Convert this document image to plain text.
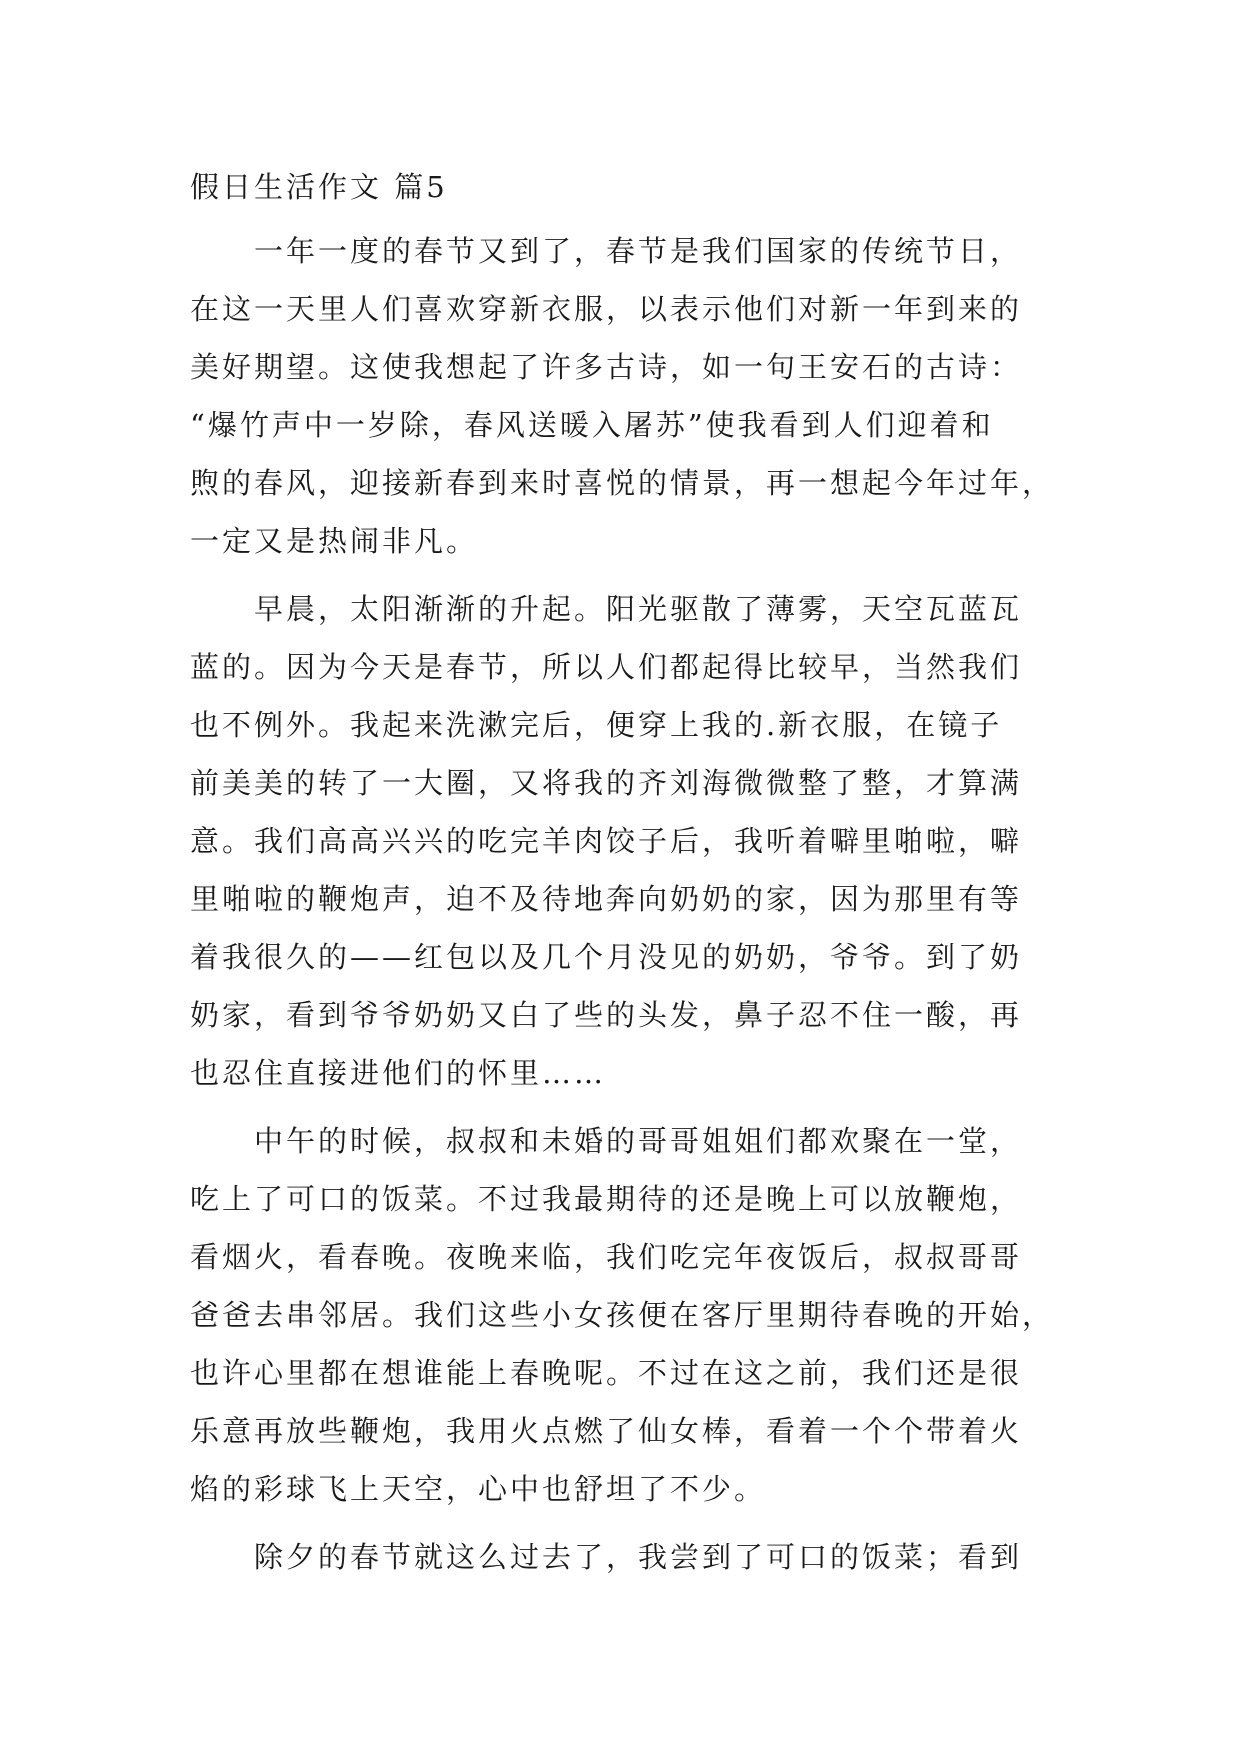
假日生活作文 篇5

一年一度的春节又到了，春节是我们国家的传统节日，
在这一天里人们喜欢穿新衣服，以表示他们对新一年到来的
美好期望。这使我想起了许多古诗，如一句王安石的古诗：
“爆竹声中一岁除，春风送暖入屠苏”使我看到人们迎着和
煦的春风，迎接新春到来时喜悦的情景，再一想起今年过年，
一定又是热闹非凡。

早晨，太阳渐渐的升起。阳光驱散了薄雾，天空瓦蓝瓦
蓝的。因为今天是春节，所以人们都起得比较早，当然我们
也不例外。我起来洗漱完后，便穿上我的.新衣服，在镜子
前美美的转了一大圈，又将我的齐刘海微微整了整，才算满
意。我们高高兴兴的吃完羊肉饺子后，我听着噼里啪啦，噼
里啪啦的鞭炮声，迫不及待地奔向奶奶的家，因为那里有等
着我很久的——红包以及几个月没见的奶奶，爷爷。到了奶
奶家，看到爷爷奶奶又白了些的头发，鼻子忍不住一酸，再
也忍住直接进他们的怀里……

中午的时候，叔叔和未婚的哥哥姐姐们都欢聚在一堂，
吃上了可口的饭菜。不过我最期待的还是晚上可以放鞭炮，
看烟火，看春晚。夜晚来临，我们吃完年夜饭后，叔叔哥哥
爸爸去串邻居。我们这些小女孩便在客厅里期待春晚的开始，
也许心里都在想谁能上春晚呢。不过在这之前，我们还是很
乐意再放些鞭炮，我用火点燃了仙女棒，看着一个个带着火
焰的彩球飞上天空，心中也舒坦了不少。

除夕的春节就这么过去了，我尝到了可口的饭菜；看到
